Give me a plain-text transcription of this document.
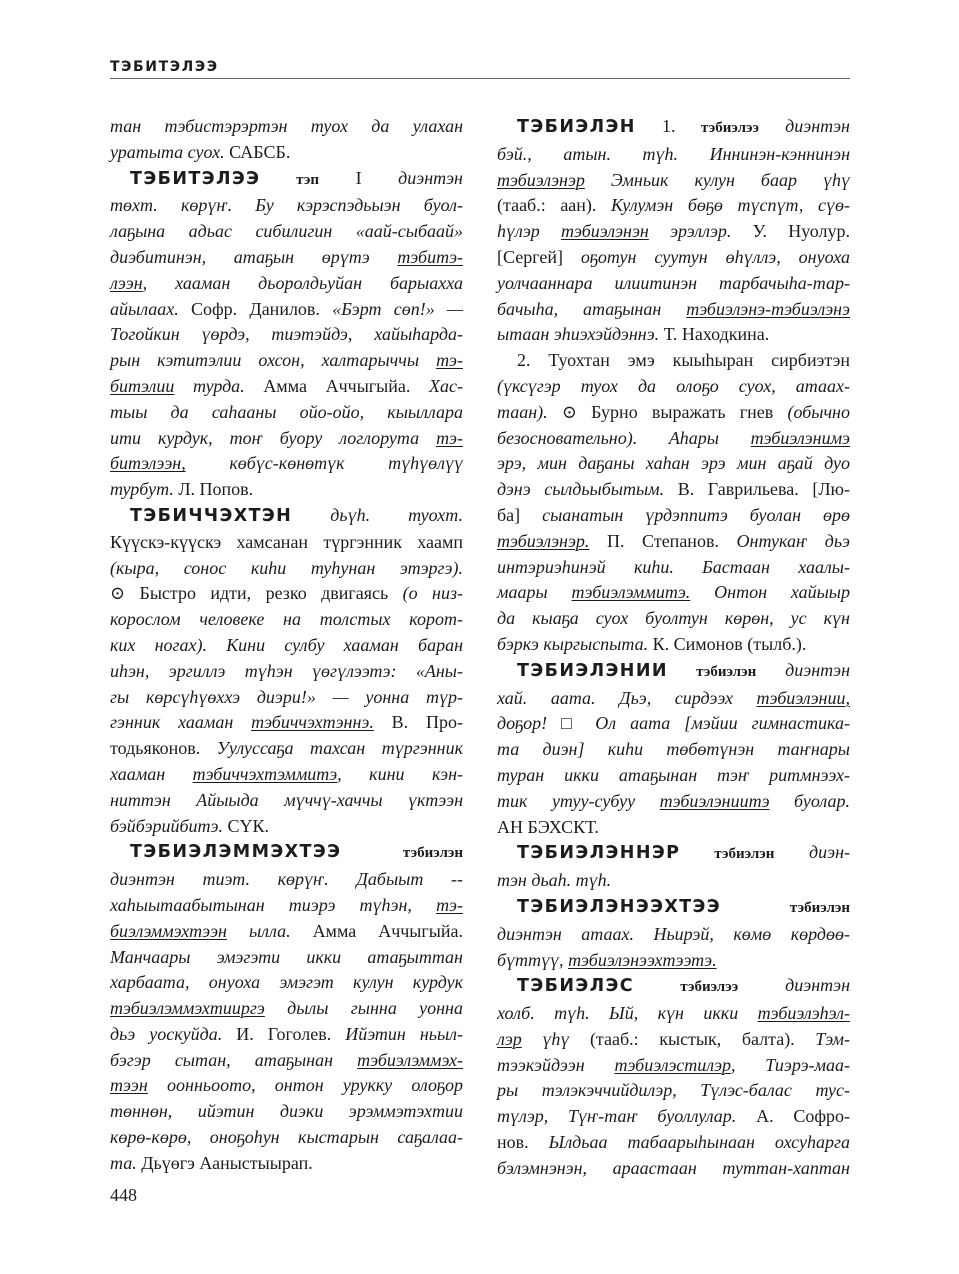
ТЭБИТЭЛЭЭ
тан тэбистэрэртэн туох да улахан
уратыта суох. САБСБ.
ТЭБИТЭЛЭЭ тэп I диэнтэн
төхт. көрүҥ. Бу кэрэспэдьыэн буол-
лаҕына адьас сибилигин «аай-сыбаай»
диэбитинэн, атаҕын өрүтэ тэбитэ-
лээн, хааман дьоролдьуйан барыахха
айылаах. Софр. Данилов. «Бэрт сөп!» —
Тогойкин үөрдэ, тиэтэйдэ, хайыһарда-
рын кэтитэлии охсон, халтарыччы тэ-
битэлии турда. Амма Аччыгыйа. Хас-
тыы да саһааны ойо-ойо, кыыллара
ити курдук, тоҥ буору логлорута тэ-
битэлээн, көбүс-көнөтүк түһүөлүү
турбут. Л. Попов.
ТЭБИЧЧЭХТЭН дьүһ. туохт.
Күүскэ-күүскэ хамсанан түргэнник хаамп
(кыра, сонос киһи туһунан этэргэ).
⊙ Быстро идти, резко двигаясь (о низ-
корослом человеке на толстых корот-
ких ногах). Кини сулбу хааман баран
иһэн, эргиллэ түһэн үөгүлээтэ: «Аны-
гы көрсүһүөххэ диэри!» — уонна түр-
гэнник хааман тэбиччэхтэннэ. В. Про-
тодьяконов. Уулуссаҕа тахсан түргэнник
хааман тэбиччэхтэммитэ, кини кэн-
ниттэн Айыыда мүччү-хаччы үктээн
бэйбэрийбитэ. СҮК.
ТЭБИЭЛЭММЭХТЭЭ тэбиэлэн
диэнтэн тиэт. көрүҥ. Дабыыт --
хаһыытаабытынан тиэрэ түһэн, тэ-
биэлэммэхтээн ылла. Амма Аччыгыйа.
Манчаары эмэгэти икки атаҕыттан
харбаата, онуоха эмэгэт кулун курдук
тэбиэлэммэхтииргэ дылы гынна уонна
дьэ уоскуйда. И. Гоголев. Ийэтин ньыл-
бэгэр сытан, атаҕынан тэбиэлэммэх-
тээн оонньоото, онтон урукку олоҕор
төннөн, ийэтин диэки эрэммэтэхтии
көрө-көрө, оноҕоһун кыстарын саҕалаа-
та. Дьүөгэ Ааныстыырап.
ТЭБИЭЛЭН 1. тэбиэлээ диэнтэн
бэй., атын. түһ. Иннинэн-кэннинэн
тэбиэлэнэр Эмньик кулун баар үһү
(тааб.: аан). Кулумэн бөҕө түспүт, сүө-
һүлэр тэбиэлэнэн эрэллэр. У. Нуолур.
[Сергей] оҕотун суутун өһүллэ, онуоха
уолчааннара илиитинэн тарбачыһа-тар-
бачыһа, атаҕынан тэбиэлэнэ-тэбиэлэнэ
ытаан эһиэхэйдэннэ. Т. Находкина.
2. Туохтан эмэ кыыһыран сирбиэтэн
(үксүгэр туох да олоҕо суох, атаах-
таан). ⊙ Бурно выражать гнев (обычно
безосновательно). Аһары тэбиэлэнимэ
эрэ, мин даҕаны хаһан эрэ мин аҕай дуо
дэнэ сылдьыбытым. В. Гаврильева. [Лю-
ба] сыанатын үрдэппитэ буолан өрө
тэбиэлэнэр. П. Степанов. Онтукаҥ дьэ
интэриэһинэй киһи. Бастаан хаалы-
маары тэбиэлэммитэ. Онтон хайыыр
да кыаҕа суох буолтун көрөн, ус күн
бэркэ кыргыспыта. К. Симонов (тылб.).
ТЭБИЭЛЭНИИ тэбиэлэн диэнтэн
хай. аата. Дьэ, сирдээх тэбиэлэнии,
доҕор! □ Ол аата [мэйии гимнастика-
та диэн] киһи төбөтүнэн таҥнары
туран икки атаҕынан тэҥ ритмнээх-
тик утуу-субуу тэбиэлэниитэ буолар.
АН БЭХСКТ.
ТЭБИЭЛЭННЭР тэбиэлэн диэн-
тэн дьаһ. түһ.
ТЭБИЭЛЭНЭЭХТЭЭ тэбиэлэн
диэнтэн атаах. Ньирэй, көмө көрдөө-
бүттүү, тэбиэлэнээхтээтэ.
ТЭБИЭЛЭС тэбиэлээ диэнтэн
холб. түһ. Ый, күн икки тэбиэлэһэл-
лэр үһү (тааб.: кыстык, балта). Тэм-
тээкэйдээн тэбиэлэстилэр, Тиэрэ-маа-
ры тэлэкэччийдилэр, Түлэс-балас тус-
түлэр, Түҥ-таҥ буоллулар. А. Софро-
нов. Ылдьаа табаарыһынаан охсуһарга
бэлэмнэнэн, араастаан туттан-хаптан
448
